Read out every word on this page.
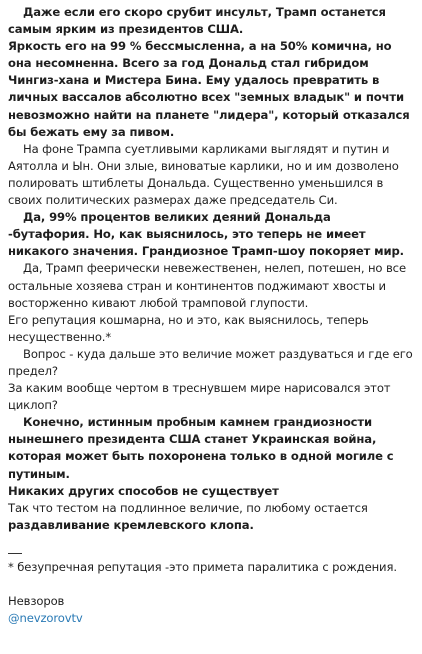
Даже если его скоро срубит инсульт, Трамп останется самым ярким из президентов США.

Яркость его на 99 % бессмысленна, а на 50% комична, но она несомненна. Всего за год Дональд стал гибридом Чингиз-хана и Мистера Бина. Ему удалось превратить в личных вассалов абсолютно всех "земных владык" и почти невозможно найти на планете "лидера", который отказался бы бежать ему за пивом.

На фоне Трампа суетливыми карликами выглядят и путин и Аятолла и Ын. Они злые, виноватые карлики, но и им дозволено полировать штиблеты Дональда. Существенно уменьшился в своих политических размерах даже председатель Си.

Да, 99% процентов великих деяний Дональда -бутафория. Но, как выяснилось, это теперь не имеет никакого значения. Грандиозное Трамп-шоу покоряет мир.

Да, Трамп феерически невежественен, нелеп, потешен, но все остальные хозяева стран и континентов поджимают хвосты и восторженно кивают любой трамповой глупости.

Его репутация кошмарна, но и это, как выяснилось, теперь несущественно.*

Вопрос - куда дальше это величие может раздуваться и где его предел?

За каким вообще чертом в треснувшем мире нарисовался этот циклоп?

Конечно, истинным пробным камнем грандиозности нынешнего президента США станет Украинская война, которая может быть похоронена только в одной могиле с путиным.

Никаких других способов не существует

Так что тестом на подлинное величие, по любому остается

раздавливание кремлевского клопа.

* безупречная репутация -это примета паралитика с рождения.

Невзоров

@nevzorovtv
